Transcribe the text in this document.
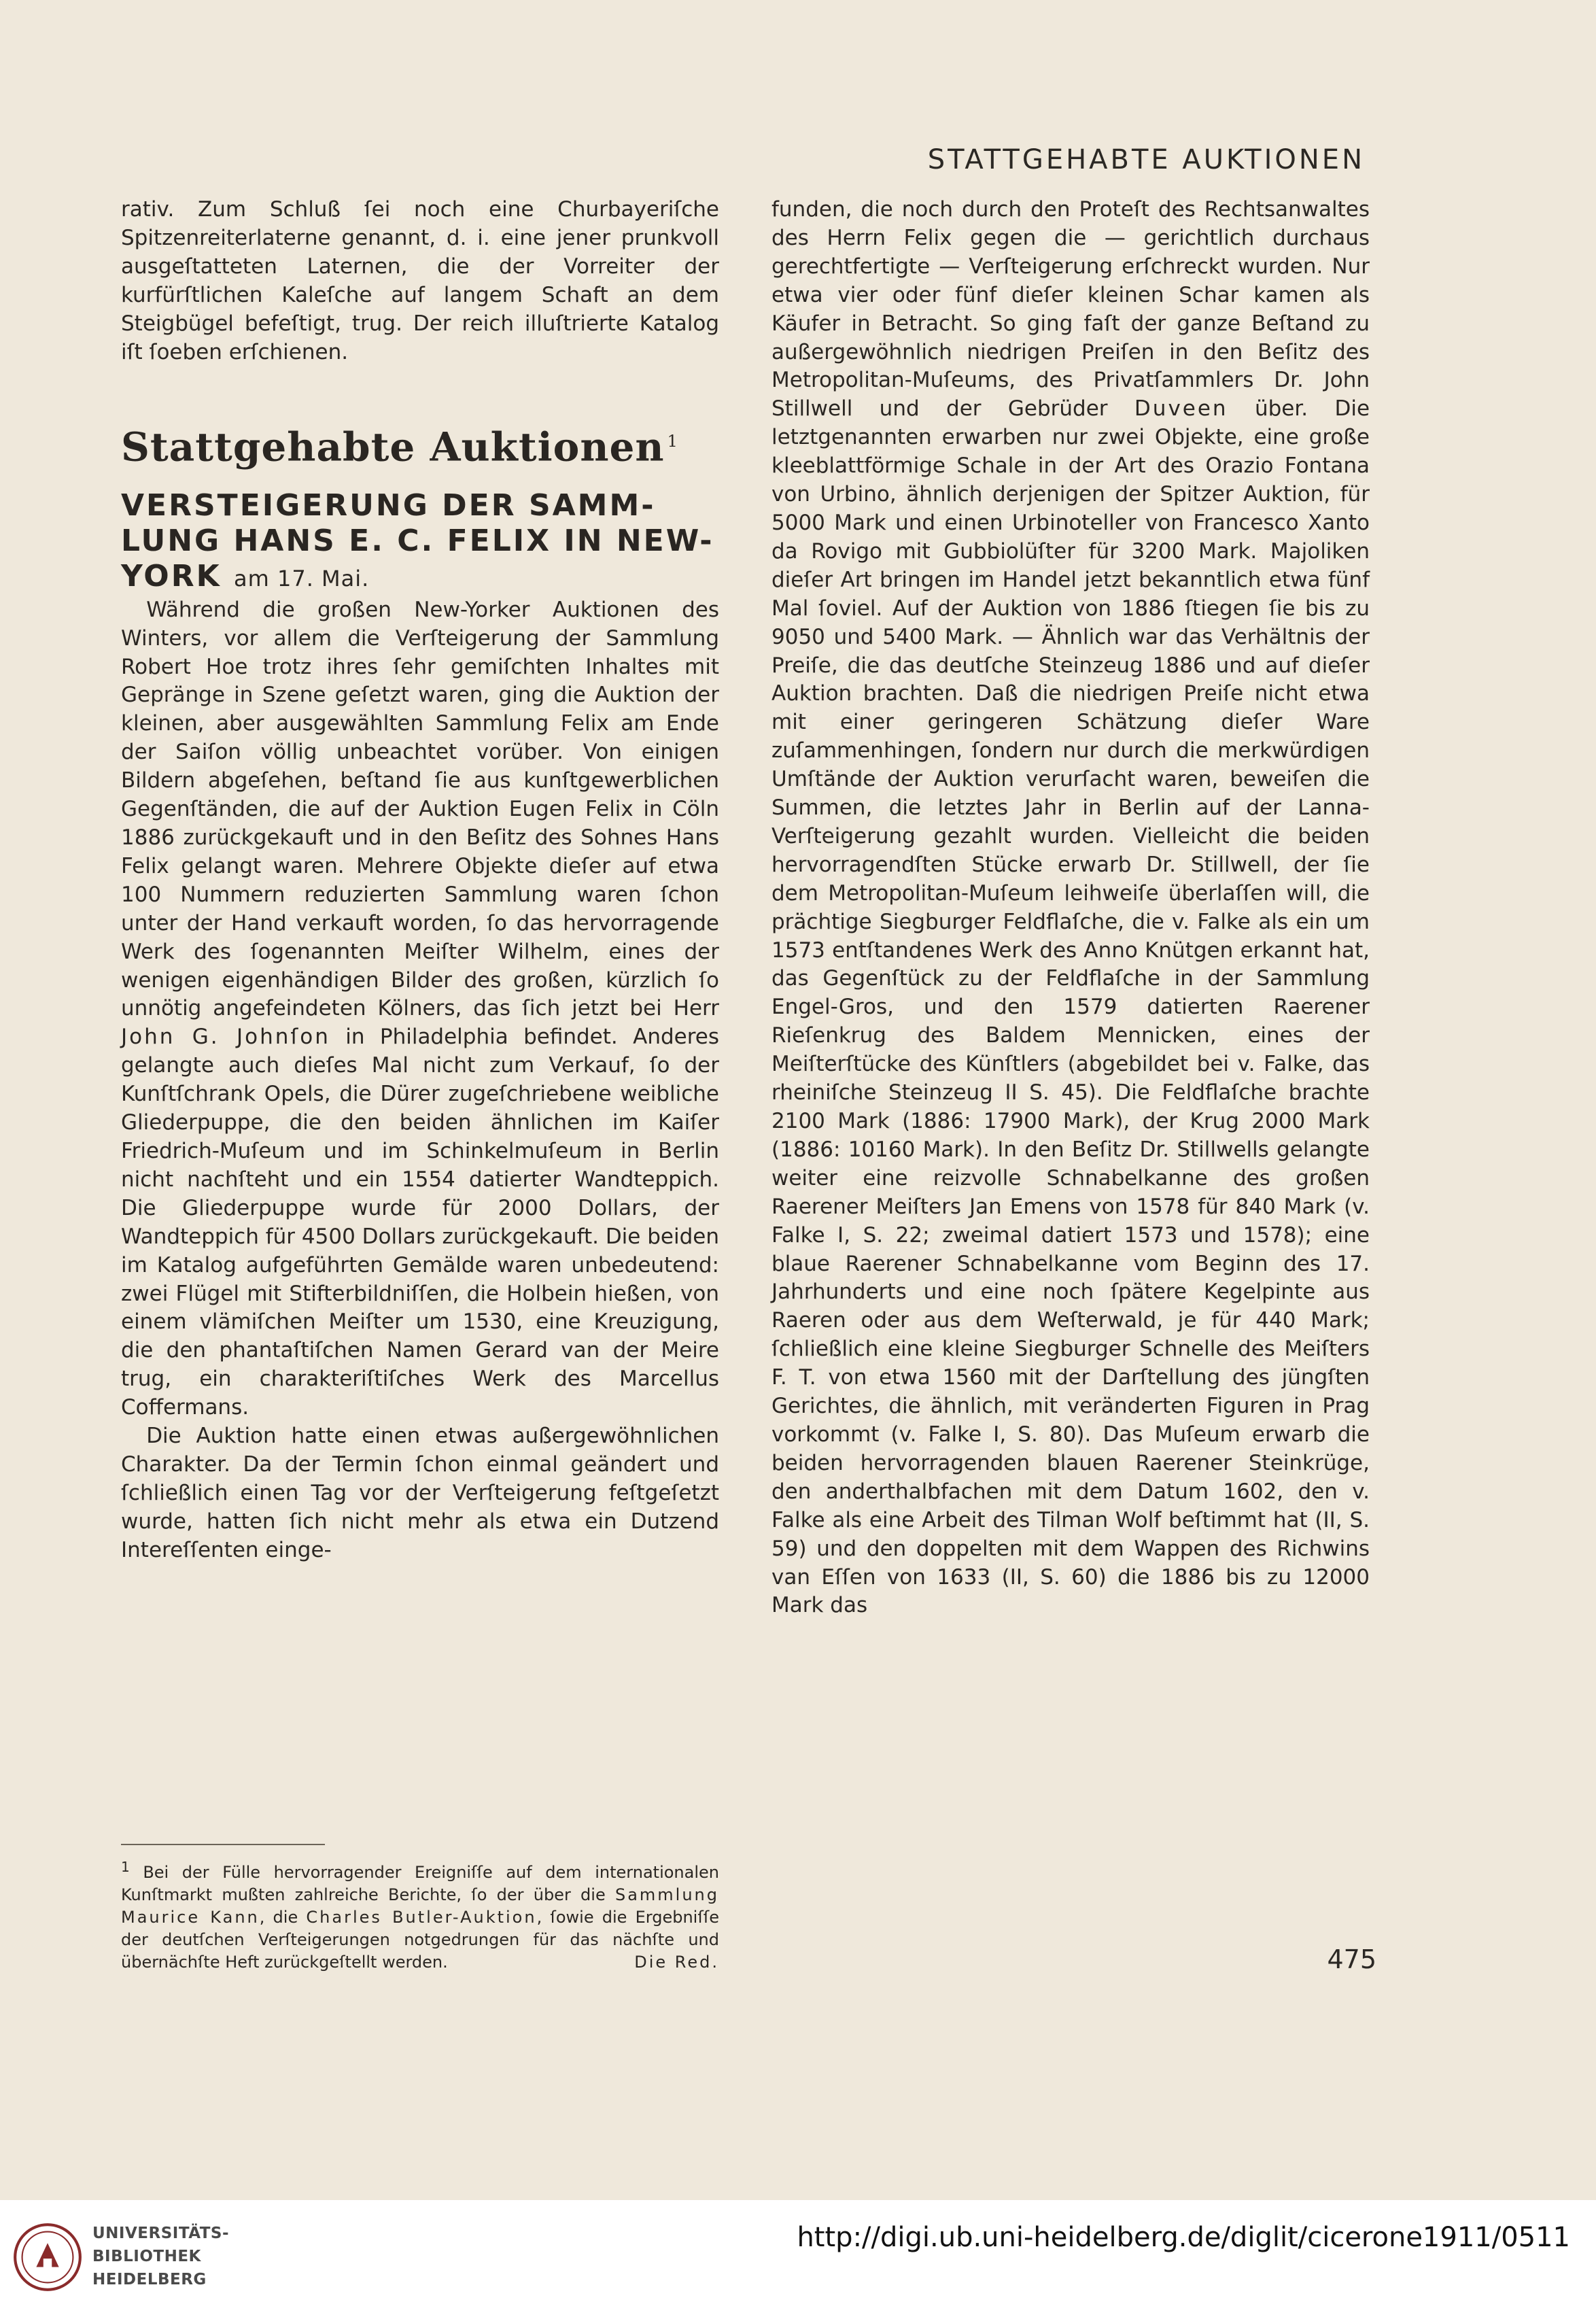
STATTGEHABTE AUKTIONEN

rativ. Zum Schluß ſei noch eine Churbayeriſche Spitzenreiterlaterne genannt, d. i. eine jener prunkvoll ausgeſtatteten Laternen, die der Vorreiter der kurfürſtlichen Kaleſche auf langem Schaft an dem Steigbügel befeſtigt, trug. Der reich illuſtrierte Katalog iſt ſoeben erſchienen.

Stattgehabte Auktionen $^1$
VERSTEIGERUNG DER SAMM-
LUNG HANS E. C. FELIX IN NEW-
YORK am 17. Mai.

Während die großen New-Yorker Auktionen des Winters, vor allem die Verſteigerung der Sammlung Robert Hoe trotz ihres ſehr gemiſchten Inhaltes mit Gepränge in Szene geſetzt waren, ging die Auktion der kleinen, aber ausgewählten Sammlung Felix am Ende der Saiſon völlig unbeachtet vorüber. Von einigen Bildern abgeſehen, beſtand ſie aus kunſtgewerblichen Gegenſtänden, die auf der Auktion Eugen Felix in Cöln 1886 zurückgekauft und in den Beſitz des Sohnes Hans Felix gelangt waren. Mehrere Objekte dieſer auf etwa 100 Nummern reduzierten Sammlung waren ſchon unter der Hand verkauft worden, ſo das hervorragende Werk des ſogenannten Meiſter Wilhelm, eines der wenigen eigenhändigen Bilder des großen, kürzlich ſo unnötig angefeindeten Kölners, das ſich jetzt bei Herr John G. Johnſon in Philadelphia befindet. Anderes gelangte auch dieſes Mal nicht zum Verkauf, ſo der Kunſtſchrank Opels, die Dürer zugeſchriebene weibliche Gliederpuppe, die den beiden ähnlichen im Kaiſer Friedrich-Muſeum und im Schinkelmuſeum in Berlin nicht nachſteht und ein 1554 datierter Wandteppich. Die Gliederpuppe wurde für 2000 Dollars, der Wandteppich für 4500 Dollars zurückgekauft. Die beiden im Katalog aufgeführten Gemälde waren unbedeutend: zwei Flügel mit Stifterbildniſſen, die Holbein hießen, von einem vlämiſchen Meiſter um 1530, eine Kreuzigung, die den phantaſtiſchen Namen Gerard van der Meire trug, ein charakteriſtiſches Werk des Marcellus Coffermans.

Die Auktion hatte einen etwas außergewöhnlichen Charakter. Da der Termin ſchon einmal geändert und ſchließlich einen Tag vor der Verſteigerung feſtgeſetzt wurde, hatten ſich nicht mehr als etwa ein Dutzend Intereſſenten einge-

$^1$ Bei der Fülle hervorragender Ereigniſſe auf dem internationalen Kunſtmarkt mußten zahlreiche Berichte, ſo der über die Sammlung Maurice Kann, die Charles Butler-Auktion, ſowie die Ergebniſſe der deutſchen Verſteigerungen notgedrungen für das nächſte und übernächſte Heft zurückgeſtellt werden.	Die Red.

funden, die noch durch den Proteſt des Rechtsanwaltes des Herrn Felix gegen die — gerichtlich durchaus gerechtfertigte — Verſteigerung erſchreckt wurden. Nur etwa vier oder fünf dieſer kleinen Schar kamen als Käufer in Betracht. So ging faſt der ganze Beſtand zu außergewöhnlich niedrigen Preiſen in den Beſitz des Metropolitan-Muſeums, des Privatſammlers Dr. John Stillwell und der Gebrüder Duveen über. Die letztgenannten erwarben nur zwei Objekte, eine große kleeblattförmige Schale in der Art des Orazio Fontana von Urbino, ähnlich derjenigen der Spitzer Auktion, für 5000 Mark und einen Urbinoteller von Francesco Xanto da Rovigo mit Gubbiolüſter für 3200 Mark. Majoliken dieſer Art bringen im Handel jetzt bekanntlich etwa fünf Mal ſoviel. Auf der Auktion von 1886 ſtiegen ſie bis zu 9050 und 5400 Mark. — Ähnlich war das Verhältnis der Preiſe, die das deutſche Steinzeug 1886 und auf dieſer Auktion brachten. Daß die niedrigen Preiſe nicht etwa mit einer geringeren Schätzung dieſer Ware zuſammenhingen, ſondern nur durch die merkwürdigen Umſtände der Auktion verurſacht waren, beweiſen die Summen, die letztes Jahr in Berlin auf der Lanna-Verſteigerung gezahlt wurden. Vielleicht die beiden hervorragendſten Stücke erwarb Dr. Stillwell, der ſie dem Metropolitan-Muſeum leihweiſe überlaſſen will, die prächtige Siegburger Feldflaſche, die v. Falke als ein um 1573 entſtandenes Werk des Anno Knütgen erkannt hat, das Gegenſtück zu der Feldflaſche in der Sammlung Engel-Gros, und den 1579 datierten Raerener Rieſenkrug des Baldem Mennicken, eines der Meiſterſtücke des Künſtlers (abgebildet bei v. Falke, das rheiniſche Steinzeug II S. 45). Die Feldflaſche brachte 2100 Mark (1886: 17900 Mark), der Krug 2000 Mark (1886: 10160 Mark). In den Beſitz Dr. Stillwells gelangte weiter eine reizvolle Schnabelkanne des großen Raerener Meiſters Jan Emens von 1578 für 840 Mark (v. Falke I, S. 22; zweimal datiert 1573 und 1578); eine blaue Raerener Schnabelkanne vom Beginn des 17. Jahrhunderts und eine noch ſpätere Kegelpinte aus Raeren oder aus dem Weſterwald, je für 440 Mark; ſchließlich eine kleine Siegburger Schnelle des Meiſters F. T. von etwa 1560 mit der Darſtellung des jüngſten Gerichtes, die ähnlich, mit veränderten Figuren in Prag vorkommt (v. Falke I, S. 80). Das Muſeum erwarb die beiden hervorragenden blauen Raerener Steinkrüge, den anderthalbfachen mit dem Datum 1602, den v. Falke als eine Arbeit des Tilman Wolf beſtimmt hat (II, S. 59) und den doppelten mit dem Wappen des Richwins van Eſſen von 1633 (II, S. 60) die 1886 bis zu 12000 Mark das

475
UNIVERSITÄTS-
BIBLIOTHEK
HEIDELBERG
http://digi.ub.uni-heidelberg.de/diglit/cicerone1911/0511
